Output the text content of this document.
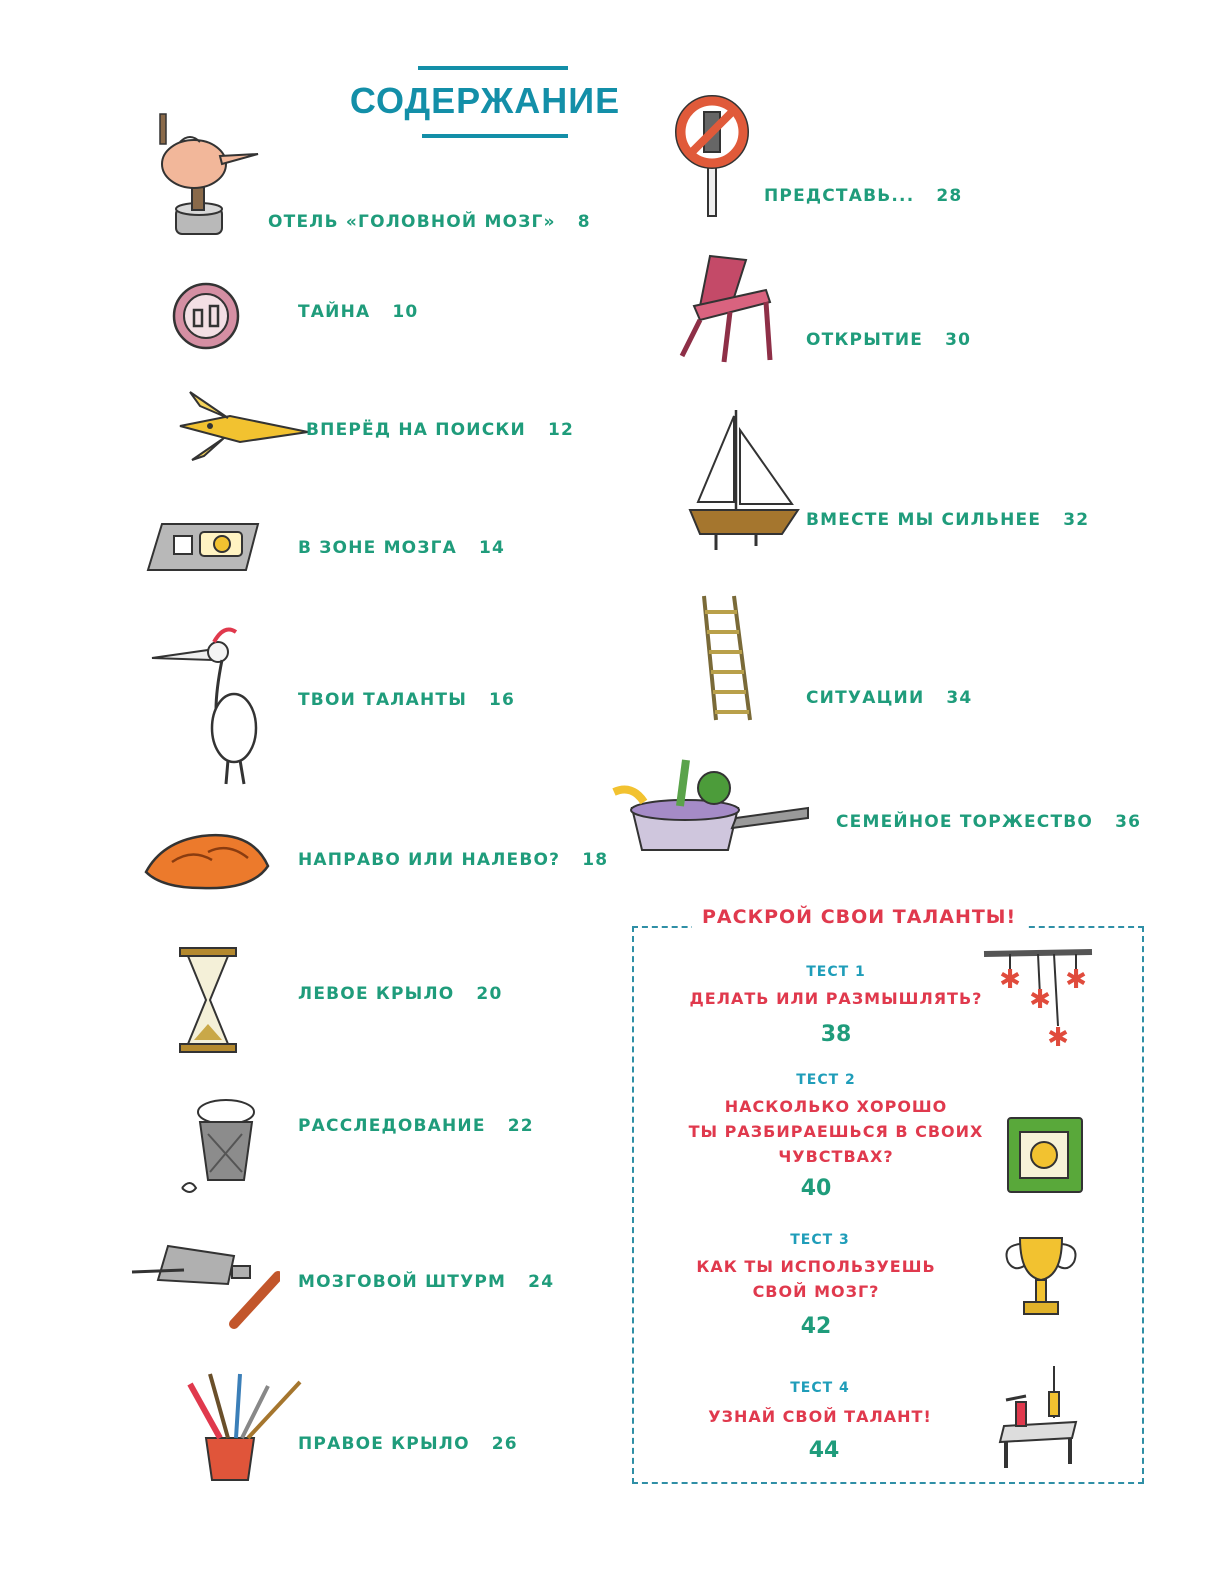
СОДЕРЖАНИЕ
ОТЕЛЬ «ГОЛОВНОЙ МОЗГ» 8
ТАЙНА 10
ВПЕРЁД НА ПОИСКИ 12
В ЗОНЕ МОЗГА 14
ТВОИ ТАЛАНТЫ 16
НАПРАВО ИЛИ НАЛЕВО? 18
ЛЕВОЕ КРЫЛО 20
РАССЛЕДОВАНИЕ 22
МОЗГОВОЙ ШТУРМ 24
ПРАВОЕ КРЫЛО 26
ПРЕДСТАВЬ... 28
ОТКРЫТИЕ 30
ВМЕСТЕ МЫ СИЛЬНЕЕ 32
СИТУАЦИИ 34
СЕМЕЙНОЕ ТОРЖЕСТВО 36
РАСКРОЙ СВОИ ТАЛАНТЫ!
ТЕСТ 1
ДЕЛАТЬ ИЛИ РАЗМЫШЛЯТЬ?
38
✱
✱
✱
✱
ТЕСТ 2
НАСКОЛЬКО ХОРОШО
ТЫ РАЗБИРАЕШЬСЯ В СВОИХ
ЧУВСТВАХ?
40
ТЕСТ 3
КАК ТЫ ИСПОЛЬЗУЕШЬ
СВОЙ МОЗГ?
42
ТЕСТ 4
УЗНАЙ СВОЙ ТАЛАНТ!
44
